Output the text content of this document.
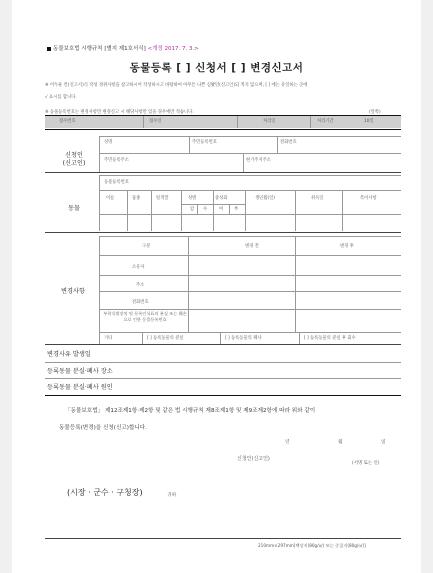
동물보호법 시행규칙 [별지 제1호서식] <개정 2017. 7. 3.>
동물등록 [ ] 신청서 [ ] 변경신고서
※ 어두운 칸(신고서)식 작성 경위사항을 참고하시어 작성하시고 바탕하여 아무튼 나쁜 심봤던(신고인)되 적지 않으며, [ ] 에는 유일하는 곳에
√ 표시를 합니다.
※ 동물등록번호는 변경사항만 변경신고 시 해당사항만 있을 경우에만 적습니다.	(앞쪽)
접수번호	접수일	처리일	처리기간	10일
신청인
(신고인)
성명	주민등록번호	전화번호
주민등록주소	현거주지주소
동물
동물등록번호
이름	품종	털색깔	성별	중성화	생년월(일)	취득일	특이사항
암 수	여	부
변경사항
구분	변경 전	변경 후
소유자
주소
전화번호
부착식별장치 및 등록인식표의 분실 또는 훼손으로 인한 동물등록번호
기타	[ ] 등록동물의 분실	[ ] 등록동물의 폐사	[ ] 등록동물의 분실 후 회수
변경사유 발생일
등록동물 분실·폐사 장소
등록동물 분실·폐사 원인
「동물보호법」 제12조제1항·제2항 및 같은 법 시행규칙 제8조제1항 및 제9조제2항에 따라 위와 같이
동물등록(변경)을 신청(신고)합니다.
년	월	일
신청인(신고인)
(서명 또는 인)
(시장 · 군수 · 구청장)	귀하
210mm×297mm[백상지(80g/㎡) 또는 중질지(80g/㎡)]
